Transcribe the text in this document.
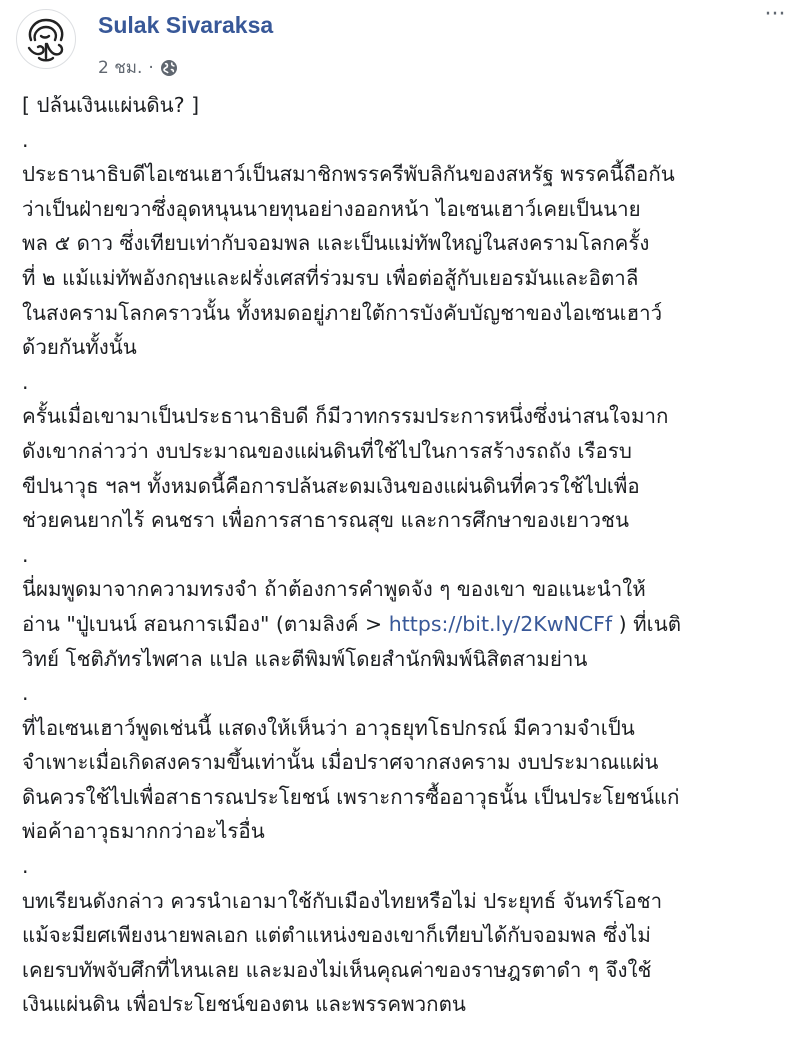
Sulak Sivaraksa
2 ชม. ·
···
[ ปล้นเงินแผ่นดิน? ]
.
ประธานาธิบดีไอเซนเฮาว์เป็นสมาชิกพรรครีพับลิกันของสหรัฐ พรรคนี้ถือกัน
ว่าเป็นฝ่ายขวาซึ่งอุดหนุนนายทุนอย่างออกหน้า ไอเซนเฮาว์เคยเป็นนาย
พล ๕ ดาว ซึ่งเทียบเท่ากับจอมพล และเป็นแม่ทัพใหญ่ในสงครามโลกครั้ง
ที่ ๒ แม้แม่ทัพอังกฤษและฝรั่งเศสที่ร่วมรบ เพื่อต่อสู้กับเยอรมันและอิตาลี
ในสงครามโลกคราวนั้น ทั้งหมดอยู่ภายใต้การบังคับบัญชาของไอเซนเฮาว์
ด้วยกันทั้งนั้น
.
ครั้นเมื่อเขามาเป็นประธานาธิบดี ก็มีวาทกรรมประการหนึ่งซึ่งน่าสนใจมาก
ดังเขากล่าวว่า งบประมาณของแผ่นดินที่ใช้ไปในการสร้างรถถัง เรือรบ
ขีปนาวุธ ฯลฯ ทั้งหมดนี้คือการปล้นสะดมเงินของแผ่นดินที่ควรใช้ไปเพื่อ
ช่วยคนยากไร้ คนชรา เพื่อการสาธารณสุข และการศึกษาของเยาวชน
.
นี่ผมพูดมาจากความทรงจำ ถ้าต้องการคำพูดจัง ๆ ของเขา ขอแนะนำให้
อ่าน "ปู่เบนน์ สอนการเมือง" (ตามลิงค์ > https://bit.ly/2KwNCFf ) ที่เนติ
วิทย์ โชติภัทรไพศาล แปล และตีพิมพ์โดยสำนักพิมพ์นิสิตสามย่าน
.
ที่ไอเซนเฮาว์พูดเช่นนี้ แสดงให้เห็นว่า อาวุธยุทโธปกรณ์ มีความจำเป็น
จำเพาะเมื่อเกิดสงครามขึ้นเท่านั้น เมื่อปราศจากสงคราม งบประมาณแผ่น
ดินควรใช้ไปเพื่อสาธารณประโยชน์ เพราะการซื้ออาวุธนั้น เป็นประโยชน์แก่
พ่อค้าอาวุธมากกว่าอะไรอื่น
.
บทเรียนดังกล่าว ควรนำเอามาใช้กับเมืองไทยหรือไม่ ประยุทธ์ จันทร์โอชา
แม้จะมียศเพียงนายพลเอก แต่ตำแหน่งของเขาก็เทียบได้กับจอมพล ซึ่งไม่
เคยรบทัพจับศึกที่ไหนเลย และมองไม่เห็นคุณค่าของราษฎรตาดำ ๆ จึงใช้
เงินแผ่นดิน เพื่อประโยชน์ของตน และพรรคพวกตน
